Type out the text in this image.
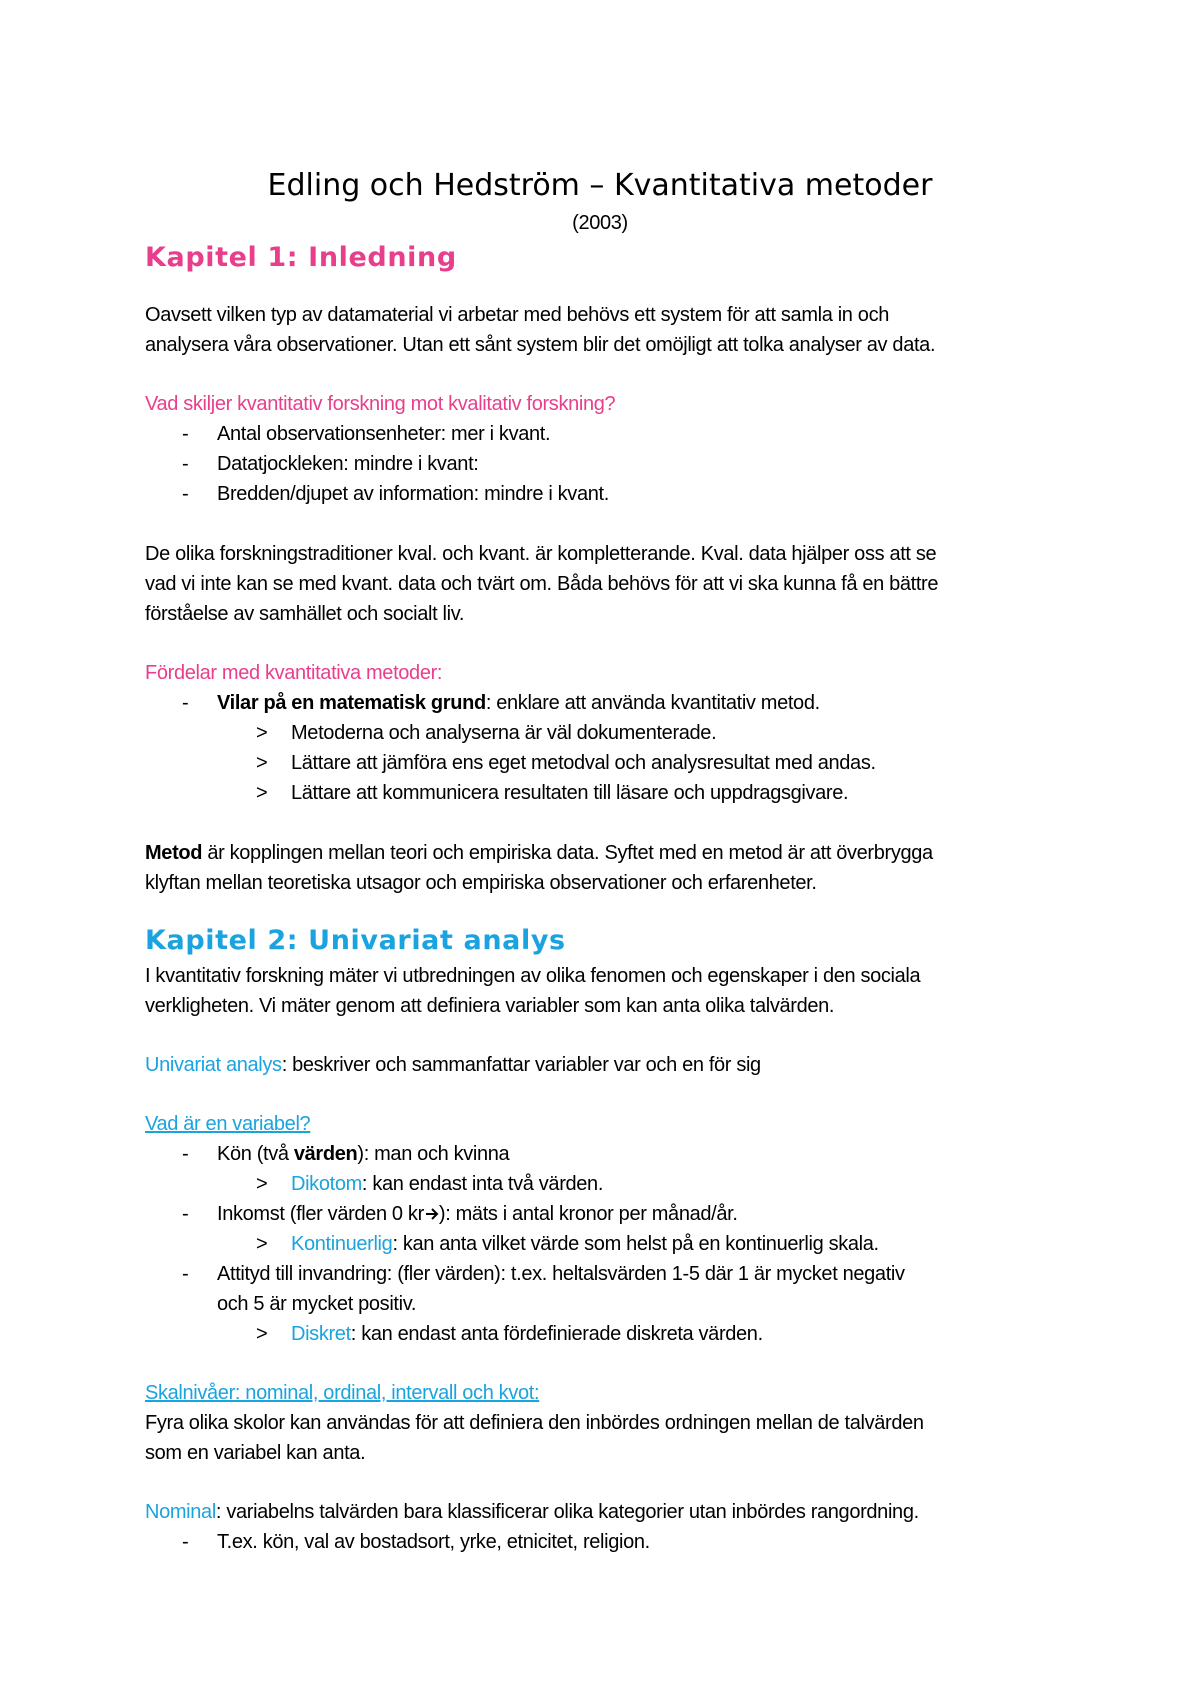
Edling och Hedström – Kvantitativa metoder
(2003)
Kapitel 1: Inledning
Oavsett vilken typ av datamaterial vi arbetar med behövs ett system för att samla in och
analysera våra observationer. Utan ett sånt system blir det omöjligt att tolka analyser av data.
Vad skiljer kvantitativ forskning mot kvalitativ forskning?
- Antal observationsenheter: mer i kvant.
- Datatjockleken: mindre i kvant:
- Bredden/djupet av information: mindre i kvant.
De olika forskningstraditioner kval. och kvant. är kompletterande. Kval. data hjälper oss att se
vad vi inte kan se med kvant. data och tvärt om. Båda behövs för att vi ska kunna få en bättre
förståelse av samhället och socialt liv.
Fördelar med kvantitativa metoder:
- Vilar på en matematisk grund: enklare att använda kvantitativ metod.
> Metoderna och analyserna är väl dokumenterade.
> Lättare att jämföra ens eget metodval och analysresultat med andas.
> Lättare att kommunicera resultaten till läsare och uppdragsgivare.
Metod är kopplingen mellan teori och empiriska data. Syftet med en metod är att överbrygga
klyftan mellan teoretiska utsagor och empiriska observationer och erfarenheter.
Kapitel 2: Univariat analys
I kvantitativ forskning mäter vi utbredningen av olika fenomen och egenskaper i den sociala
verkligheten. Vi mäter genom att definiera variabler som kan anta olika talvärden.
Univariat analys: beskriver och sammanfattar variabler var och en för sig
Vad är en variabel?
- Kön (två värden): man och kvinna
> Dikotom: kan endast inta två värden.
- Inkomst (fler värden 0 kr ): mäts i antal kronor per månad/år.
> Kontinuerlig: kan anta vilket värde som helst på en kontinuerlig skala.
- Attityd till invandring: (fler värden): t.ex. heltalsvärden 1-5 där 1 är mycket negativ
och 5 är mycket positiv.
> Diskret: kan endast anta fördefinierade diskreta värden.
Skalnivåer: nominal, ordinal, intervall och kvot:
Fyra olika skolor kan användas för att definiera den inbördes ordningen mellan de talvärden
som en variabel kan anta.
Nominal: variabelns talvärden bara klassificerar olika kategorier utan inbördes rangordning.
- T.ex. kön, val av bostadsort, yrke, etnicitet, religion.
